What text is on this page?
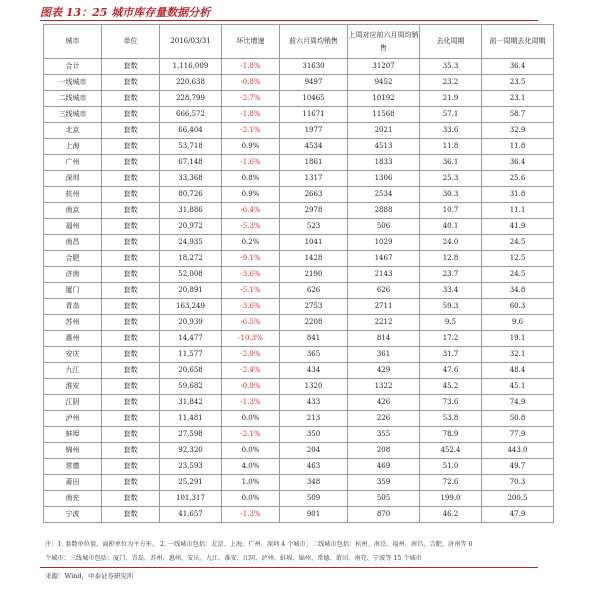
图表 13：25 城市库存量数据分析
城市	单位	2016/03/31	环比增速	前六月周均销售	上周对应前六月周均销售	去化周期	前一周期去化周期
合计	套数	1,116,009	-1.8%	31630	31207	35.3	36.4
一线城市	套数	220,638	-0.8%	9497	9452	23.2	23.5
二线城市	套数	228,799	-2.7%	10465	10192	21.9	23.1
三线城市	套数	666,572	-1.8%	11671	11568	57.1	58.7
北京	套数	66,404	-2.1%	1977	2021	33.6	32.9
上海	套数	53,718	0.9%	4534	4513	11.8	11.8
广州	套数	67,148	-1.6%	1861	1833	36.1	36.4
深圳	套数	33,368	0.8%	1317	1306	25.3	25.6
杭州	套数	80,726	0.9%	2663	2534	30.3	31.8
南京	套数	31,886	-6.4%	2978	2888	10.7	11.1
福州	套数	20,972	-5.3%	523	506	40.1	41.9
南昌	套数	24,935	0.2%	1041	1029	24.0	24.5
合肥	套数	18,272	-9.1%	1428	1467	12.8	12.5
济南	套数	52,008	-3.6%	2190	2143	23.7	24.5
厦门	套数	20,891	-5.1%	626	626	33.4	34.8
青岛	套数	163,249	-3.6%	2753	2711	59.3	60.3
苏州	套数	20,939	-6.5%	2208	2212	9.5	9.6
惠州	套数	14,477	-10.3%	841	814	17.2	19.1
安庆	套数	11,577	-2.9%	365	361	31.7	32.1
九江	套数	20,658	-2.4%	434	429	47.6	48.4
淮安	套数	59,682	-0.9%	1320	1322	45.2	45.1
江阴	套数	31,842	-1.3%	433	426	73.6	74.9
泸州	套数	11,481	0.0%	213	226	53.8	50.8
蚌埠	套数	27,598	-2.1%	350	355	78.9	77.9
锦州	套数	92,320	0.0%	204	208	452.4	443.0
常德	套数	23,593	4.0%	463	469	51.0	49.7
莆田	套数	25,291	1.0%	348	359	72.6	70.3
南充	套数	101,317	0.0%	509	505	199.0	200.5
宁波	套数	41,657	-1.3%	901	870	46.2	47.9

注：1. 套数单位套，面积单位为平方米。 2. 一线城市包括：北京、上海、广州、深圳 4 个城市；二线城市包括：杭州、南京、福州、南昌、合肥、济南等 6

个城市；三线城市包括：厦门、青岛、苏州、惠州、安庆、九江、淮安、江阴、泸州、蚌埠、锦州、常德、莆田、南充、宁波等 15 个城市

来源：Wind，中泰证券研究所
